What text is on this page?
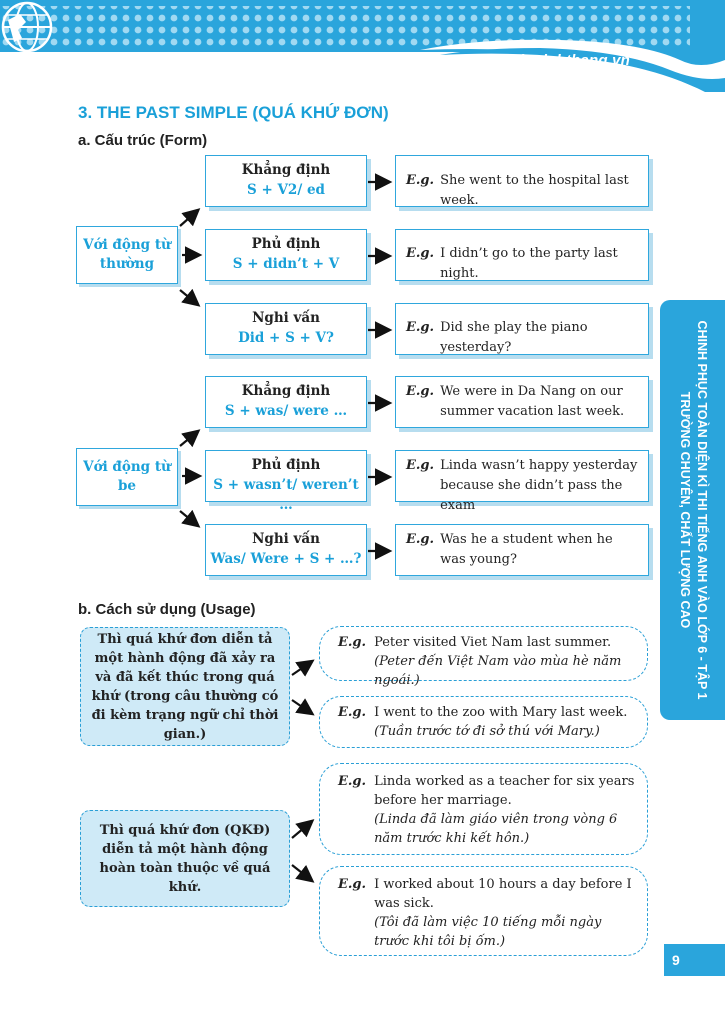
nhasachminhthang.vn
3. THE PAST SIMPLE (QUÁ KHỨ ĐƠN)
a. Cấu trúc (Form)
Với động từ thường
Khẳng định
S + V2/ ed
Phủ định
S + didn’t + V
Nghi vấn
Did + S + V?
E.g. She went to the hospital last week.
E.g. I didn’t go to the party last night.
E.g. Did she play the piano yesterday?
Với động từ be
Khẳng định
S + was/ were …
Phủ định
S + wasn’t/ weren’t …
Nghi vấn
Was/ Were + S + …?
E.g. We were in Da Nang on our summer vacation last week.
E.g. Linda wasn’t happy yesterday because she didn’t pass the exam
E.g. Was he a student when he was young?
b. Cách sử dụng (Usage)
Thì quá khứ đơn diễn tả một hành động đã xảy ra và đã kết thúc trong quá khứ (trong câu thường có đi kèm trạng ngữ chỉ thời gian.)
E.g. Peter visited Viet Nam last summer.
(Peter đến Việt Nam vào mùa hè năm ngoái.)
E.g. I went to the zoo with Mary last week.
(Tuần trước tớ đi sở thú với Mary.)
Thì quá khứ đơn (QKĐ) diễn tả một hành động hoàn toàn thuộc về quá khứ.
E.g. Linda worked as a teacher for six years before her marriage.
(Linda đã làm giáo viên trong vòng 6 năm trước khi kết hôn.)
E.g. I worked about 10 hours a day before I was sick.
(Tôi đã làm việc 10 tiếng mỗi ngày trước khi tôi bị ốm.)
CHINH PHỤC TOÀN DIỆN KÌ THI TIẾNG ANH VÀO LỚP 6 - TẬP 1
TRƯỜNG CHUYÊN, CHẤT LƯỢNG CAO
9
